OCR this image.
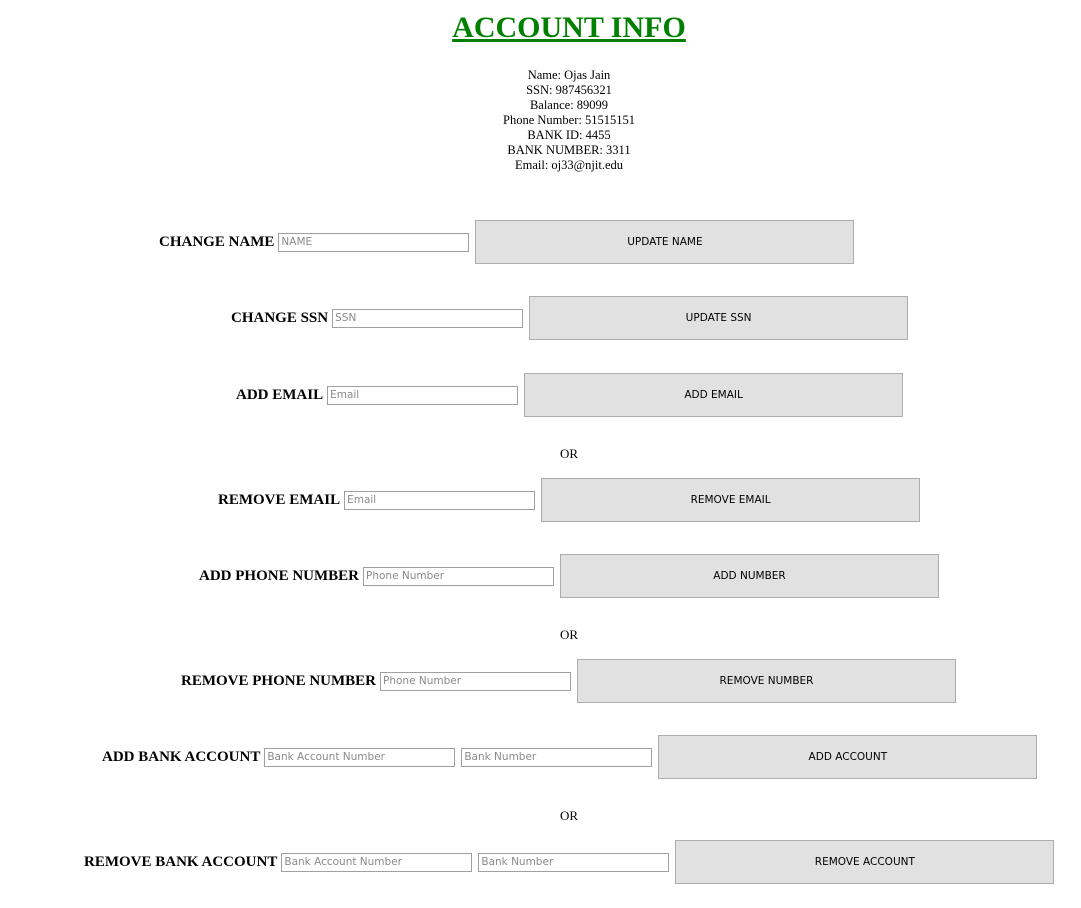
ACCOUNT INFO
Name: Ojas Jain
SSN: 987456321
Balance: 89099
Phone Number: 51515151
BANK ID: 4455
BANK NUMBER: 3311
Email: oj33@njit.edu
CHANGE NAME
NAME	UPDATE NAME
CHANGE SSN
SSN	UPDATE SSN
ADD EMAIL
Email	ADD EMAIL
OR
REMOVE EMAIL
Email	REMOVE EMAIL
ADD PHONE NUMBER
Phone Number	ADD NUMBER
OR
REMOVE PHONE NUMBER
Phone Number	REMOVE NUMBER
ADD BANK ACCOUNT
Bank Account Number
Bank Number	ADD ACCOUNT
OR
REMOVE BANK ACCOUNT
Bank Account Number
Bank Number	REMOVE ACCOUNT
